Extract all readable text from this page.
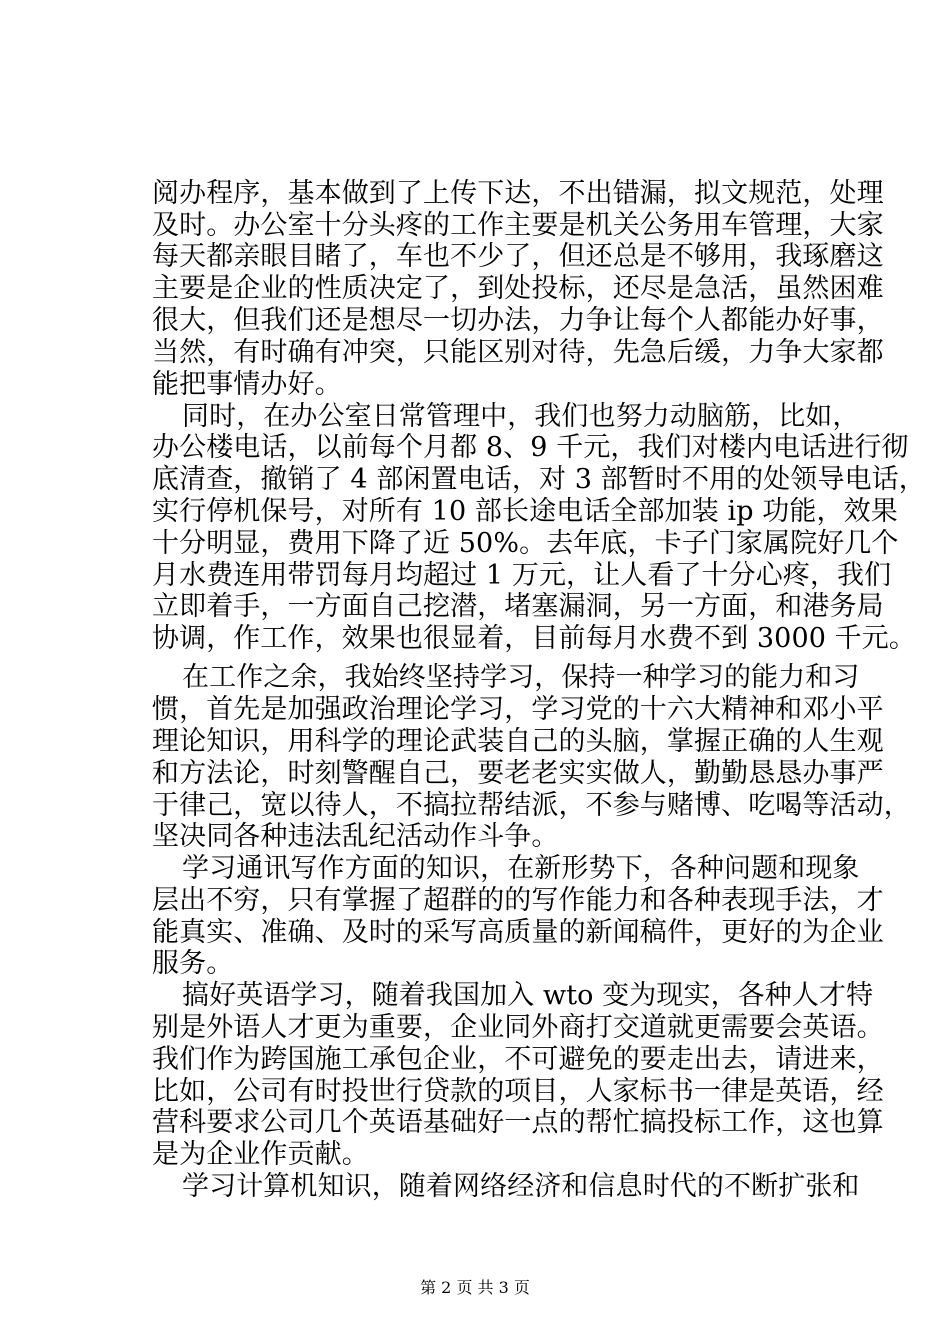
阅办程序，基本做到了上传下达，不出错漏，拟文规范，处理
及时。办公室十分头疼的工作主要是机关公务用车管理，大家
每天都亲眼目睹了，车也不少了，但还总是不够用，我琢磨这
主要是企业的性质决定了，到处投标，还尽是急活，虽然困难
很大，但我们还是想尽一切办法，力争让每个人都能办好事，
当然，有时确有冲突，只能区别对待，先急后缓，力争大家都
能把事情办好。
同时，在办公室日常管理中，我们也努力动脑筋，比如，
办公楼电话，以前每个月都 8、9 千元，我们对楼内电话进行彻
底清查，撤销了 4 部闲置电话，对 3 部暂时不用的处领导电话，
实行停机保号，对所有 10 部长途电话全部加装 ip 功能，效果
十分明显，费用下降了近 50%。去年底，卡子门家属院好几个
月水费连用带罚每月均超过 1 万元，让人看了十分心疼，我们
立即着手，一方面自己挖潜，堵塞漏洞，另一方面，和港务局
协调，作工作，效果也很显着，目前每月水费不到 3000 千元。
在工作之余，我始终坚持学习，保持一种学习的能力和习
惯，首先是加强政治理论学习，学习党的十六大精神和邓小平
理论知识，用科学的理论武装自己的头脑，掌握正确的人生观
和方法论，时刻警醒自己，要老老实实做人，勤勤恳恳办事严
于律己，宽以待人，不搞拉帮结派，不参与赌博、吃喝等活动，
坚决同各种违法乱纪活动作斗争。
学习通讯写作方面的知识，在新形势下，各种问题和现象
层出不穷，只有掌握了超群的的写作能力和各种表现手法，才
能真实、准确、及时的采写高质量的新闻稿件，更好的为企业
服务。
搞好英语学习，随着我国加入 wto 变为现实，各种人才特
别是外语人才更为重要，企业同外商打交道就更需要会英语。
我们作为跨国施工承包企业，不可避免的要走出去，请进来，
比如，公司有时投世行贷款的项目，人家标书一律是英语，经
营科要求公司几个英语基础好一点的帮忙搞投标工作，这也算
是为企业作贡献。
学习计算机知识，随着网络经济和信息时代的不断扩张和
第 2 页 共 3 页
